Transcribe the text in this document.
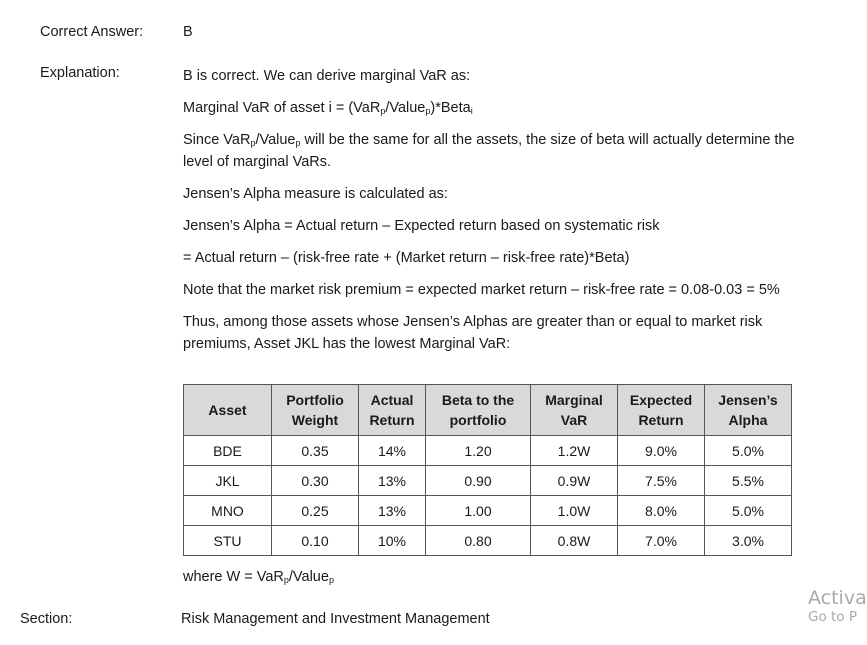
Correct Answer:	B
Explanation:	B is correct. We can derive marginal VaR as:

Marginal VaR of asset i = (VaR$_p$/Value$_p$)*Beta$_i$

Since VaR$_p$/Value$_p$ will be the same for all the assets, the size of beta will actually determine the level of marginal VaRs.

Jensen’s Alpha measure is calculated as:

Jensen’s Alpha = Actual return – Expected return based on systematic risk

= Actual return – (risk-free rate + (Market return – risk-free rate)*Beta)

Note that the market risk premium = expected market return – risk-free rate = 0.08-0.03 = 5%

Thus, among those assets whose Jensen’s Alphas are greater than or equal to market risk premiums, Asset JKL has the lowest Marginal VaR:

Asset	Portfolio Weight	Actual Return	Beta to the portfolio	Marginal VaR	Expected Return	Jensen’s Alpha
BDE	0.35	14%	1.20	1.2W	9.0%	5.0%
JKL	0.30	13%	0.90	0.9W	7.5%	5.5%
MNO	0.25	13%	1.00	1.0W	8.0%	5.0%
STU	0.10	10%	0.80	0.8W	7.0%	3.0%
where W = VaR$_p$/Value$_p$
Section:	Risk Management and Investment Management
Activa
Go to P
